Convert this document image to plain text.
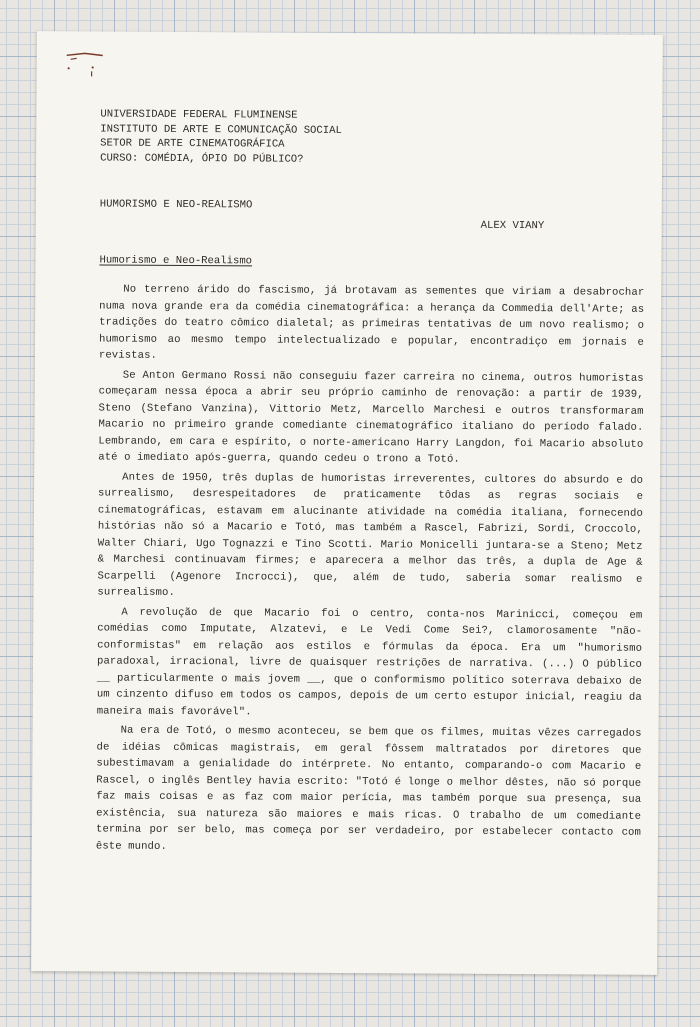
UNIVERSIDADE FEDERAL FLUMINENSE
INSTITUTO DE ARTE E COMUNICAÇÃO SOCIAL
SETOR DE ARTE CINEMATOGRÁFICA
CURSO: COMÉDIA, ÓPIO DO PÚBLICO?
HUMORISMO E NEO-REALISMO
ALEX VIANY
Humorismo e Neo-Realismo

No terreno árido do fascismo, já brotavam as sementes que viriam a desabrochar numa nova grande era da comédia cinematográfica: a herança da Commedia dell'Arte; as tradições do teatro cômico dialetal; as primeiras tentativas de um novo realismo; o humorismo ao mesmo tempo intelectualizado e popular, encontradiço em jornais e revistas.

Se Anton Germano Rossi não conseguiu fazer carreira no cinema, outros humoristas começaram nessa época a abrir seu próprio caminho de renovação: a partir de 1939, Steno (Stefano Vanzina), Vittorio Metz, Marcello Marchesi e outros transformaram Macario no primeiro grande comediante cinematográfico italiano do período falado. Lembrando, em cara e espírito, o norte-americano Harry Langdon, foi Macario absoluto até o imediato após-guerra, quando cedeu o trono a Totó.

Antes de 1950, três duplas de humoristas irreverentes, cultores do absurdo e do surrealismo, desrespeitadores de praticamente tôdas as regras sociais e cinematográficas, estavam em alucinante atividade na comédia italiana, fornecendo histórias não só a Macario e Totó, mas também a Rascel, Fabrizi, Sordi, Croccolo, Walter Chiari, Ugo Tognazzi e Tino Scotti. Mario Monicelli juntara-se a Steno; Metz & Marchesi continuavam firmes; e aparecera a melhor das três, a dupla de Age & Scarpelli (Agenore Incrocci), que, além de tudo, saberia somar realismo e surrealismo.

A revolução de que Macario foi o centro, conta-nos Marinicci, começou em comédias como Imputate, Alzatevi, e Le Vedi Come Sei?, clamorosamente "não-conformistas" em relação aos estilos e fórmulas da época. Era um "humorismo paradoxal, irracional, livre de quaisquer restrições de narrativa. (...) O público __ particularmente o mais jovem __, que o conformismo político soterrava debaixo de um cinzento difuso em todos os campos, depois de um certo estupor inicial, reagiu da maneira mais favorável".

Na era de Totó, o mesmo aconteceu, se bem que os filmes, muitas vêzes carregados de idéias cômicas magistrais, em geral fôssem maltratados por diretores que subestimavam a genialidade do intérprete. No entanto, comparando-o com Macario e Rascel, o inglês Bentley havia escrito: "Totó é longe o melhor dêstes, não só porque faz mais coisas e as faz com maior perícia, mas também porque sua presença, sua existência, sua natureza são maiores e mais ricas. O trabalho de um comediante termina por ser belo, mas começa por ser verdadeiro, por estabelecer contacto com êste mundo.
